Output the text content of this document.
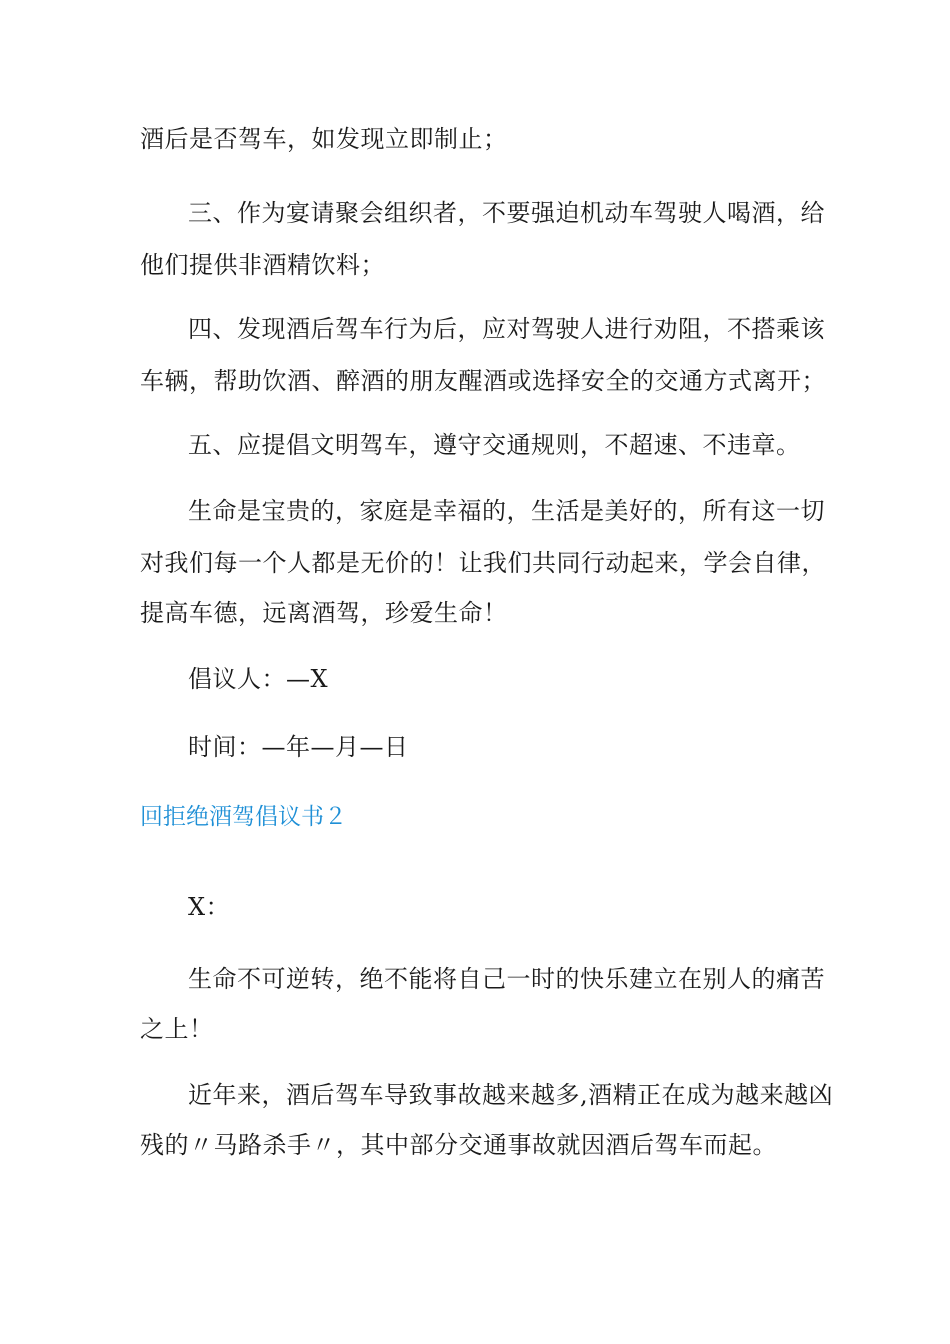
酒后是否驾车，如发现立即制止；
三、作为宴请聚会组织者，不要强迫机动车驾驶人喝酒，给
他们提供非酒精饮料；
四、发现酒后驾车行为后，应对驾驶人进行劝阻，不搭乘该
车辆，帮助饮酒、醉酒的朋友醒酒或选择安全的交通方式离开；
五、应提倡文明驾车，遵守交通规则，不超速、不违章。
生命是宝贵的，家庭是幸福的，生活是美好的，所有这一切
对我们每一个人都是无价的！让我们共同行动起来，学会自律，
提高车德，远离酒驾，珍爱生命！
倡议人：—X
时间：—年—月—日
回拒绝酒驾倡议书２
X：
生命不可逆转，绝不能将自己一时的快乐建立在别人的痛苦
之上！
近年来，酒后驾车导致事故越来越多,酒精正在成为越来越凶
残的〃马路杀手〃，其中部分交通事故就因酒后驾车而起。
